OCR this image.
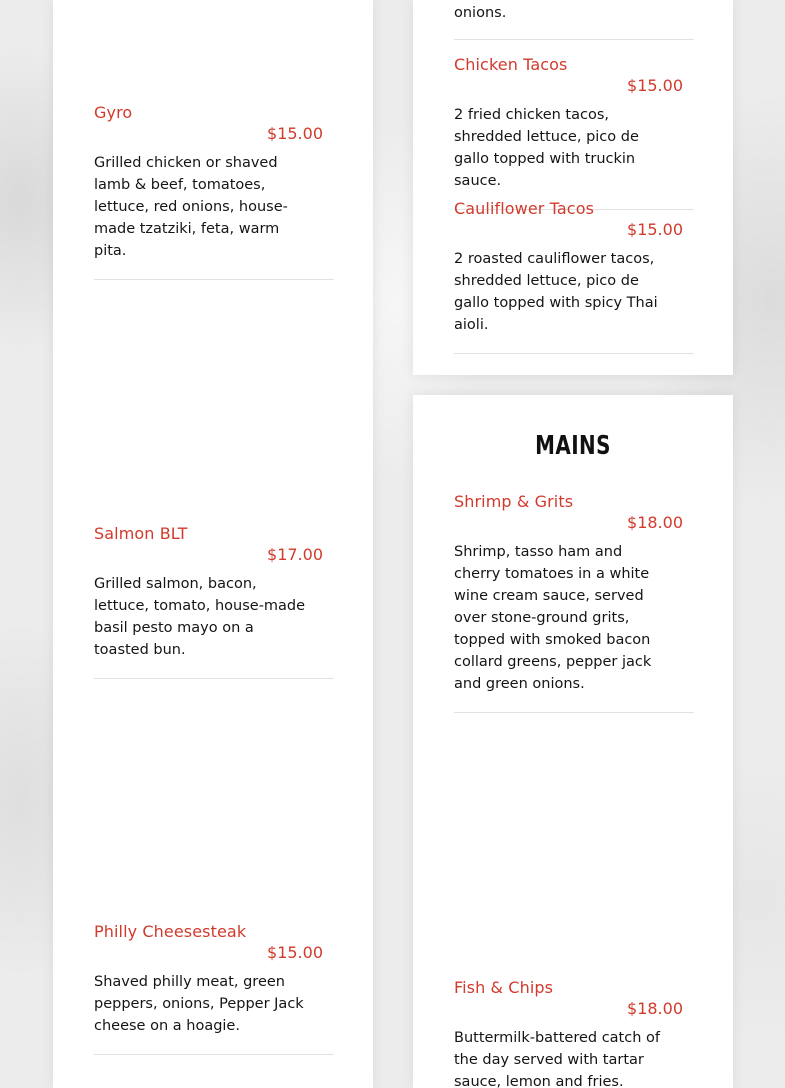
Gyro
$15.00
Grilled chicken or shaved lamb & beef, tomatoes, lettuce, red onions, house-made tzatziki, feta, warm pita.
Salmon BLT
$17.00
Grilled salmon, bacon, lettuce, tomato, house-made basil pesto mayo on a toasted bun.
Philly Cheesesteak
$15.00
Shaved philly meat, green peppers, onions, Pepper Jack cheese on a hoagie.
onions.
Chicken Tacos
$15.00
2 fried chicken tacos, shredded lettuce, pico de gallo topped with truckin sauce.
Cauliflower Tacos
$15.00
2 roasted cauliflower tacos, shredded lettuce, pico de gallo topped with spicy Thai aioli.
MAINS
Shrimp & Grits
$18.00
Shrimp, tasso ham and cherry tomatoes in a white wine cream sauce, served over stone-ground grits, topped with smoked bacon collard greens, pepper jack and green onions.
Fish & Chips
$18.00
Buttermilk-battered catch of the day served with tartar sauce, lemon and fries.
